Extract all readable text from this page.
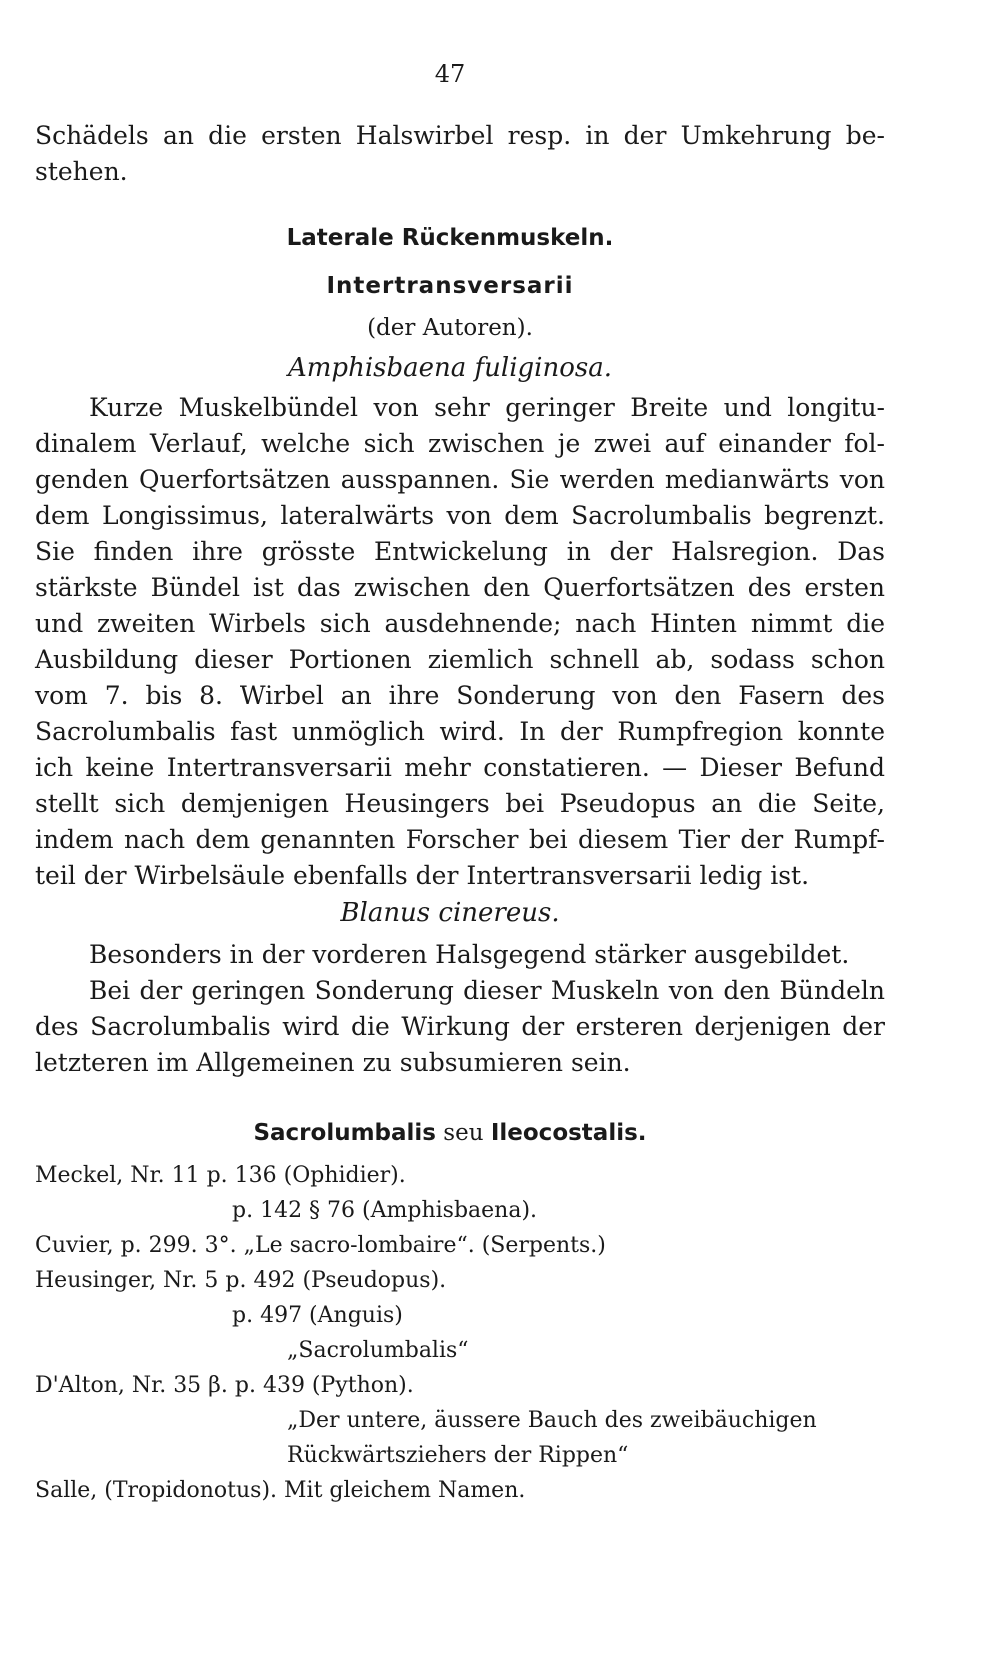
47
Schädels an die ersten Halswirbel resp. in der Umkehrung be-
stehen.
Laterale Rückenmuskeln.
Intertransversarii
(der Autoren).
Amphisbaena fuliginosa.
Kurze Muskelbündel von sehr geringer Breite und longitu-
dinalem Verlauf, welche sich zwischen je zwei auf einander fol-
genden Querfortsätzen ausspannen. Sie werden medianwärts von
dem Longissimus, lateralwärts von dem Sacrolumbalis begrenzt.
Sie finden ihre grösste Entwickelung in der Halsregion. Das
stärkste Bündel ist das zwischen den Querfortsätzen des ersten
und zweiten Wirbels sich ausdehnende; nach Hinten nimmt die
Ausbildung dieser Portionen ziemlich schnell ab, sodass schon
vom 7. bis 8. Wirbel an ihre Sonderung von den Fasern des
Sacrolumbalis fast unmöglich wird. In der Rumpfregion konnte
ich keine Intertransversarii mehr constatieren. — Dieser Befund
stellt sich demjenigen Heusingers bei Pseudopus an die Seite,
indem nach dem genannten Forscher bei diesem Tier der Rumpf-
teil der Wirbelsäule ebenfalls der Intertransversarii ledig ist.
Blanus cinereus.
Besonders in der vorderen Halsgegend stärker ausgebildet.
Bei der geringen Sonderung dieser Muskeln von den Bündeln
des Sacrolumbalis wird die Wirkung der ersteren derjenigen der
letzteren im Allgemeinen zu subsumieren sein.
Sacrolumbalis seu Ileocostalis.
Meckel, Nr. 11 p. 136 (Ophidier).
p. 142 § 76 (Amphisbaena).
Cuvier, p. 299. 3°. „Le sacro-lombaire“. (Serpents.)
Heusinger, Nr. 5 p. 492 (Pseudopus).
p. 497 (Anguis)
„Sacrolumbalis“
D'Alton, Nr. 35 β. p. 439 (Python).
„Der untere, äussere Bauch des zweibäuchigen
Rückwärtsziehers der Rippen“
Salle, (Tropidonotus). Mit gleichem Namen.
